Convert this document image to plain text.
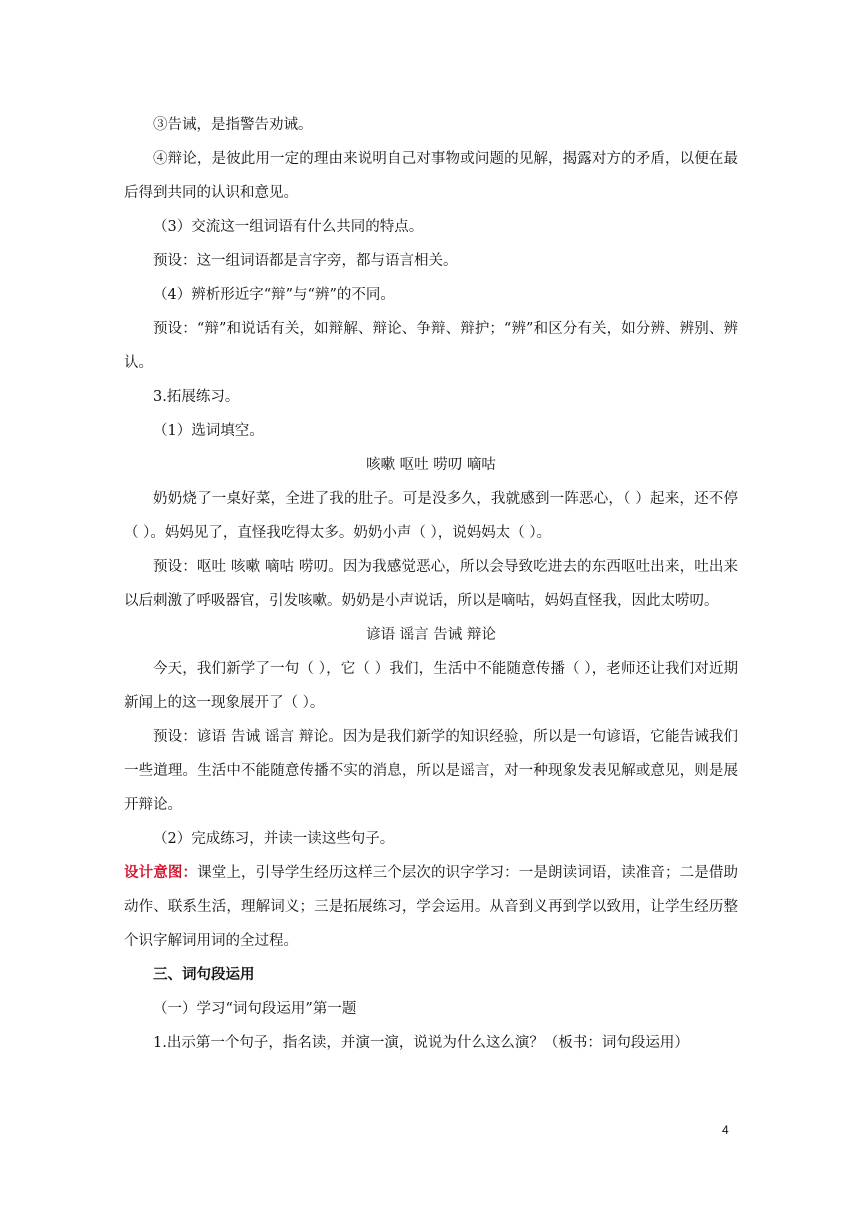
③告诫，是指警告劝诫。

④辩论，是彼此用一定的理由来说明自己对事物或问题的见解，揭露对方的矛盾，以便在最后得到共同的认识和意见。

（3）交流这一组词语有什么共同的特点。

预设：这一组词语都是言字旁，都与语言相关。

（4）辨析形近字“辩”与“辨”的不同。

预设：“辩”和说话有关，如辩解、辩论、争辩、辩护；“辨”和区分有关，如分辨、辨别、辨认。

3.拓展练习。

（1）选词填空。

咳嗽 呕吐 唠叨 嘀咕

奶奶烧了一桌好菜，全进了我的肚子。可是没多久，我就感到一阵恶心，（ ）起来，还不停（ ）。妈妈见了，直怪我吃得太多。奶奶小声（ ），说妈妈太（ ）。

预设：呕吐 咳嗽 嘀咕 唠叨。因为我感觉恶心，所以会导致吃进去的东西呕吐出来，吐出来以后刺激了呼吸器官，引发咳嗽。奶奶是小声说话，所以是嘀咕，妈妈直怪我，因此太唠叨。

谚语 谣言 告诫 辩论

今天，我们新学了一句（ ），它（ ）我们，生活中不能随意传播（ ），老师还让我们对近期新闻上的这一现象展开了（ ）。

预设：谚语 告诫 谣言 辩论。因为是我们新学的知识经验，所以是一句谚语，它能告诫我们一些道理。生活中不能随意传播不实的消息，所以是谣言，对一种现象发表见解或意见，则是展开辩论。

（2）完成练习，并读一读这些句子。

设计意图：课堂上，引导学生经历这样三个层次的识字学习：一是朗读词语，读准音；二是借助动作、联系生活，理解词义；三是拓展练习，学会运用。从音到义再到学以致用，让学生经历整个识字解词用词的全过程。

三、词句段运用

（一）学习“词句段运用”第一题

1.出示第一个句子，指名读，并演一演，说说为什么这么演？（板书：词句段运用）

4
